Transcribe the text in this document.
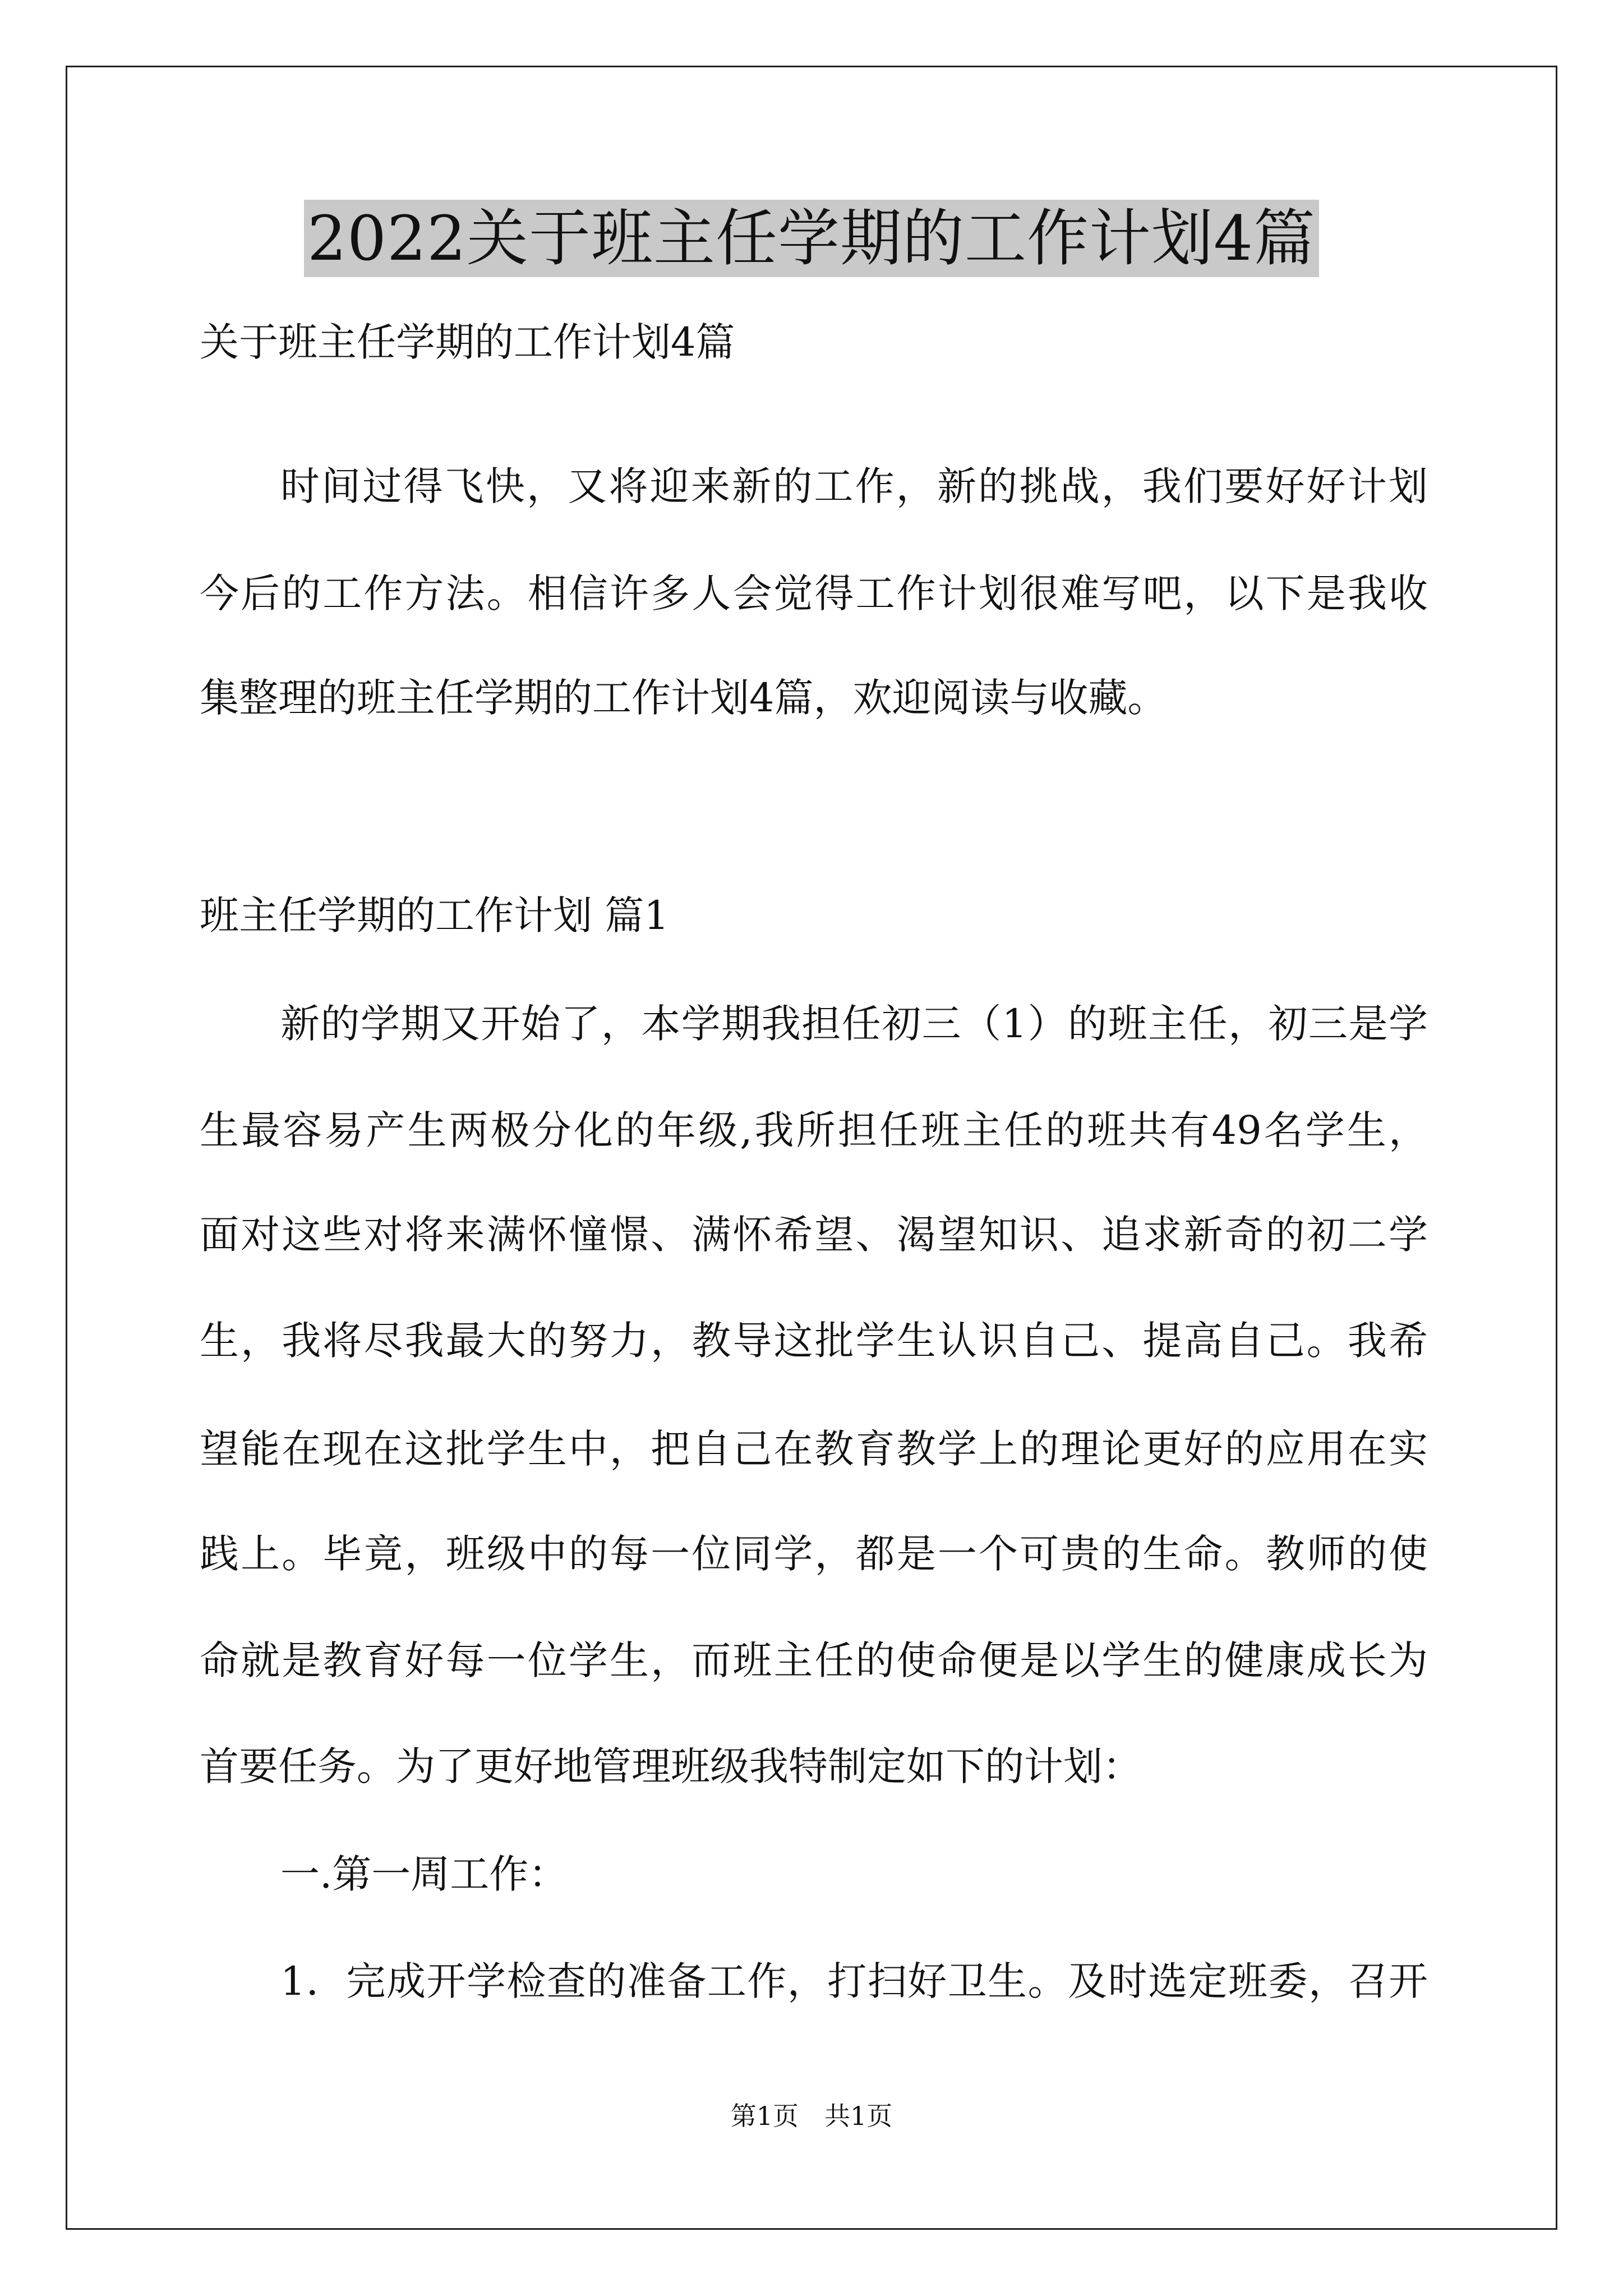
2022关于班主任学期的工作计划4篇
关于班主任学期的工作计划4篇
时间过得飞快，又将迎来新的工作，新的挑战，我们要好好计划
今后的工作方法。相信许多人会觉得工作计划很难写吧，以下是我收
集整理的班主任学期的工作计划4篇，欢迎阅读与收藏。
班主任学期的工作计划 篇1
新的学期又开始了，本学期我担任初三（1）的班主任，初三是学
生最容易产生两极分化的年级,我所担任班主任的班共有49名学生，
面对这些对将来满怀憧憬、满怀希望、渴望知识、追求新奇的初二学
生，我将尽我最大的努力，教导这批学生认识自己、提高自己。我希
望能在现在这批学生中，把自己在教育教学上的理论更好的应用在实
践上。毕竟，班级中的每一位同学，都是一个可贵的生命。教师的使
命就是教育好每一位学生，而班主任的使命便是以学生的健康成长为
首要任务。为了更好地管理班级我特制定如下的计划：
一.第一周工作：
1．完成开学检查的准备工作，打扫好卫生。及时选定班委，召开
第1页　共1页
